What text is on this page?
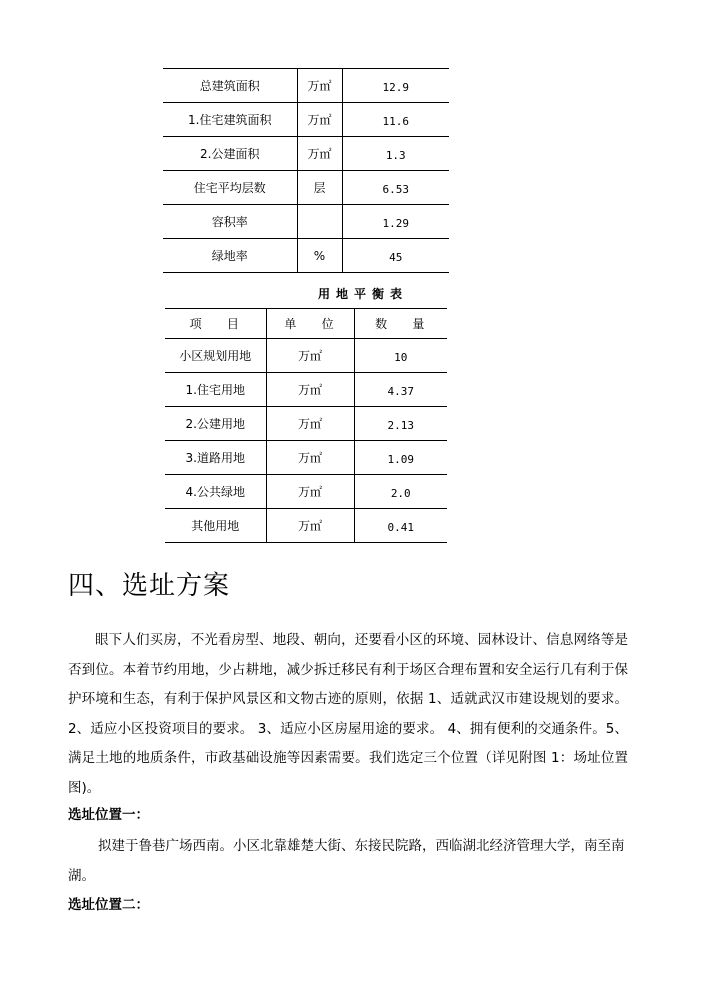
总建筑面积	万㎡	12.9
1.住宅建筑面积	万㎡	11.6
2.公建面积	万㎡	1.3
住宅平均层数	层	6.53
容积率		1.29
绿地率	%	45
用地平衡表
项    目	单    位	数    量
小区规划用地	万㎡	10
1.住宅用地	万㎡	4.37
2.公建用地	万㎡	2.13
3.道路用地	万㎡	1.09
4.公共绿地	万㎡	2.0
其他用地	万㎡	0.41
四、选址方案

眼下人们买房，不光看房型、地段、朝向，还要看小区的环境、园林设计、信息网络等是否到位。本着节约用地，少占耕地，减少拆迁移民有利于场区合理布置和安全运行几有利于保护环境和生态，有利于保护风景区和文物古迹的原则，依据 1、适就武汉市建设规划的要求。2、适应小区投资项目的要求。 3、适应小区房屋用途的要求。 4、拥有便利的交通条件。5、满足土地的地质条件，市政基础设施等因素需要。我们选定三个位置（详见附图 1：场址位置图)。

选址位置一：

拟建于鲁巷广场西南。小区北靠雄楚大街、东接民院路，西临湖北经济管理大学，南至南湖。

选址位置二：
